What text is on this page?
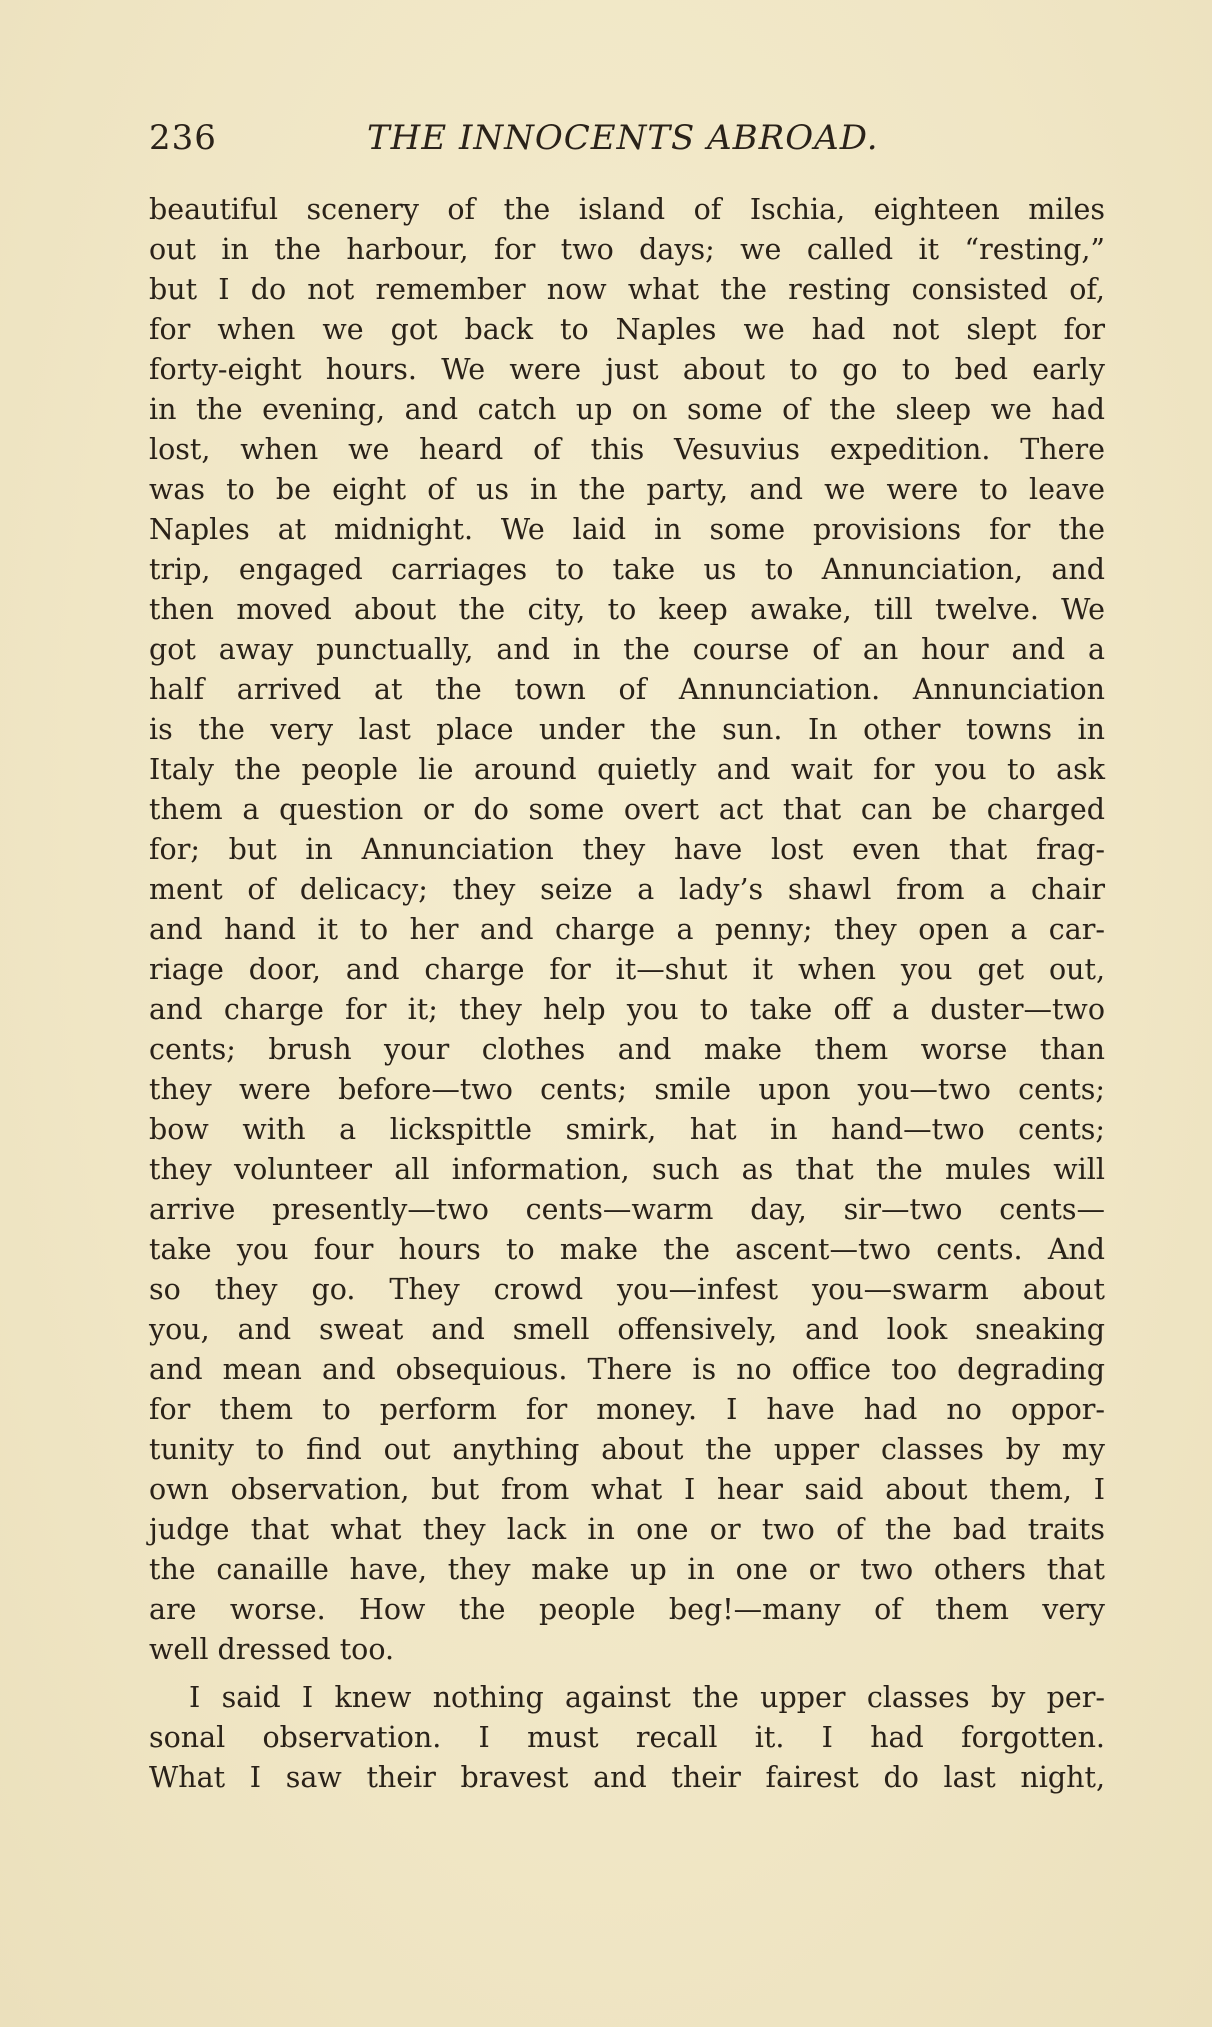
236	THE INNOCENTS ABROAD.
beautiful scenery of the island of Ischia, eighteen miles
out in the harbour, for two days; we called it “resting,”
but I do not remember now what the resting consisted of,
for when we got back to Naples we had not slept for
forty-eight hours. We were just about to go to bed early
in the evening, and catch up on some of the sleep we had
lost, when we heard of this Vesuvius expedition. There
was to be eight of us in the party, and we were to leave
Naples at midnight. We laid in some provisions for the
trip, engaged carriages to take us to Annunciation, and
then moved about the city, to keep awake, till twelve. We
got away punctually, and in the course of an hour and a
half arrived at the town of Annunciation. Annunciation
is the very last place under the sun. In other towns in
Italy the people lie around quietly and wait for you to ask
them a question or do some overt act that can be charged
for; but in Annunciation they have lost even that frag-
ment of delicacy; they seize a lady’s shawl from a chair
and hand it to her and charge a penny; they open a car-
riage door, and charge for it—shut it when you get out,
and charge for it; they help you to take off a duster—two
cents; brush your clothes and make them worse than
they were before—two cents; smile upon you—two cents;
bow with a lickspittle smirk, hat in hand—two cents;
they volunteer all information, such as that the mules will
arrive presently—two cents—warm day, sir—two cents—
take you four hours to make the ascent—two cents. And
so they go. They crowd you—infest you—swarm about
you, and sweat and smell offensively, and look sneaking
and mean and obsequious. There is no office too degrading
for them to perform for money. I have had no oppor-
tunity to find out anything about the upper classes by my
own observation, but from what I hear said about them, I
judge that what they lack in one or two of the bad traits
the canaille have, they make up in one or two others that
are worse. How the people beg!—many of them very
well dressed too.
I said I knew nothing against the upper classes by per-
sonal observation. I must recall it. I had forgotten.
What I saw their bravest and their fairest do last night,
